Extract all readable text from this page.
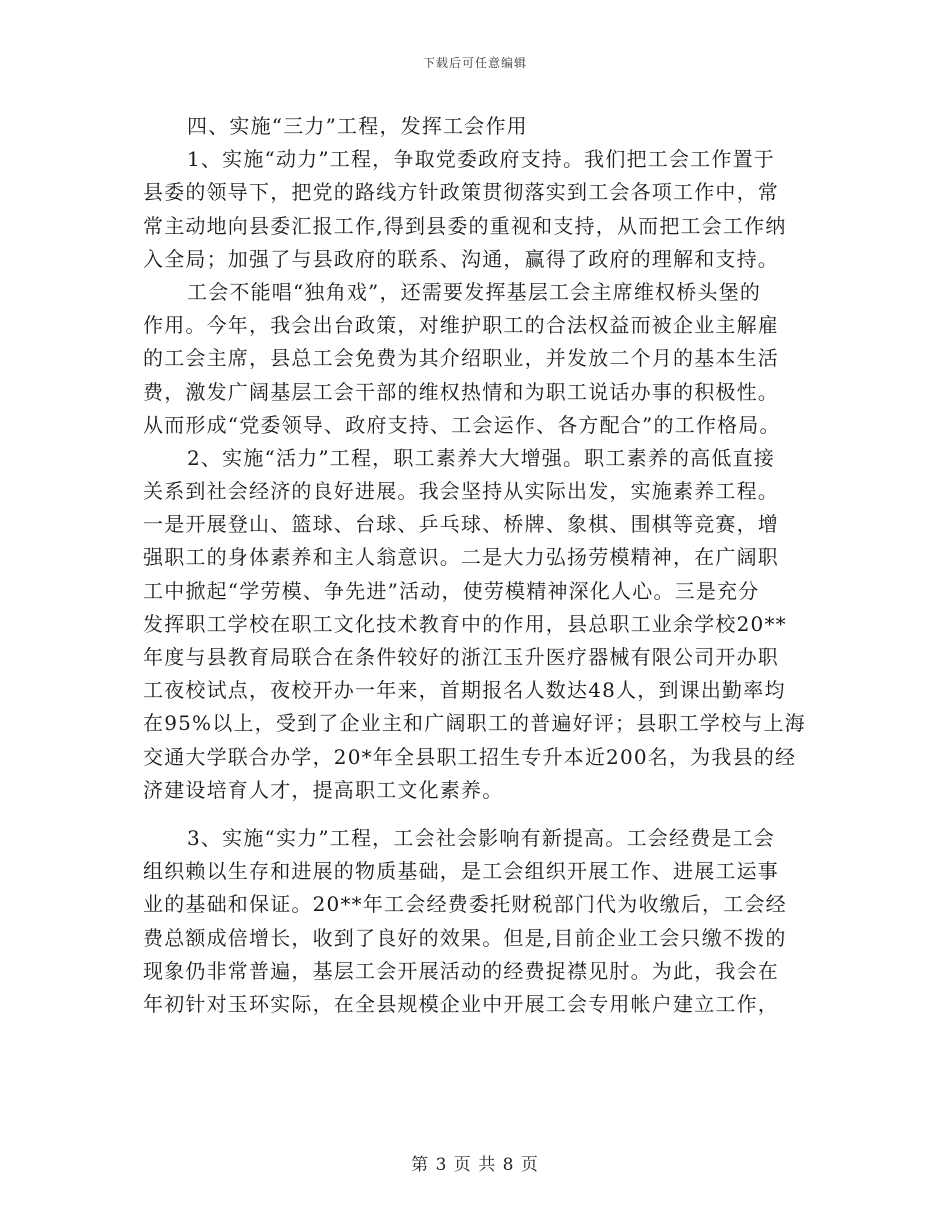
下载后可任意编辑
四、实施“三力”工程，发挥工会作用
1、实施“动力”工程，争取党委政府支持。我们把工会工作置于
县委的领导下，把党的路线方针政策贯彻落实到工会各项工作中，常
常主动地向县委汇报工作,得到县委的重视和支持，从而把工会工作纳
入全局；加强了与县政府的联系、沟通，赢得了政府的理解和支持。
工会不能唱“独角戏”，还需要发挥基层工会主席维权桥头堡的
作用。今年，我会出台政策，对维护职工的合法权益而被企业主解雇
的工会主席，县总工会免费为其介绍职业，并发放二个月的基本生活
费，激发广阔基层工会干部的维权热情和为职工说话办事的积极性。
从而形成“党委领导、政府支持、工会运作、各方配合”的工作格局。
2、实施“活力”工程，职工素养大大增强。职工素养的高低直接
关系到社会经济的良好进展。我会坚持从实际出发，实施素养工程。
一是开展登山、篮球、台球、乒乓球、桥牌、象棋、围棋等竞赛，增
强职工的身体素养和主人翁意识。二是大力弘扬劳模精神，在广阔职
工中掀起“学劳模、争先进”活动，使劳模精神深化人心。三是充分
发挥职工学校在职工文化技术教育中的作用，县总职工业余学校20**
年度与县教育局联合在条件较好的浙江玉升医疗器械有限公司开办职
工夜校试点，夜校开办一年来，首期报名人数达48人，到课出勤率均
在95%以上，受到了企业主和广阔职工的普遍好评；县职工学校与上海
交通大学联合办学，20*年全县职工招生专升本近200名，为我县的经
济建设培育人才，提高职工文化素养。
3、实施“实力”工程，工会社会影响有新提高。工会经费是工会
组织赖以生存和进展的物质基础，是工会组织开展工作、进展工运事
业的基础和保证。20**年工会经费委托财税部门代为收缴后，工会经
费总额成倍增长，收到了良好的效果。但是,目前企业工会只缴不拨的
现象仍非常普遍，基层工会开展活动的经费捉襟见肘。为此，我会在
年初针对玉环实际，在全县规模企业中开展工会专用帐户建立工作，
第 3 页 共 8 页
